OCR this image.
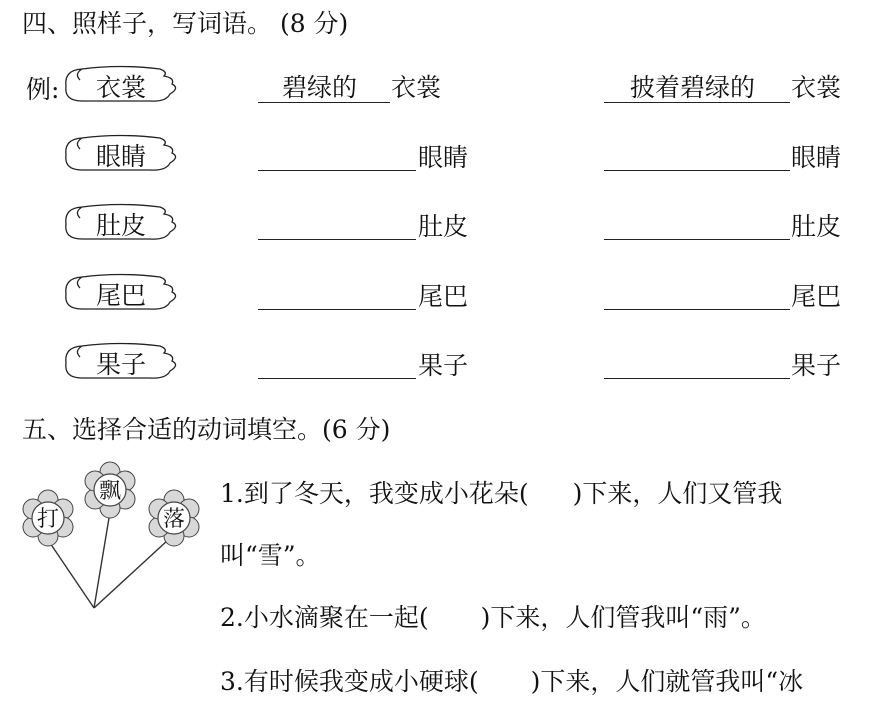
四、照样子，写词语。 (8 分)
例: 衣裳	碧绿的 衣裳	披着碧绿的 衣裳
眼睛	眼睛	眼睛
肚皮	肚皮	肚皮
尾巴	尾巴	尾巴
果子	果子	果子
五、选择合适的动词填空。(6 分)
打
飘
落
1.到了冬天，我变成小花朵( )下来，人们又管我
叫“雪”。
2.小水滴聚在一起( )下来，人们管我叫“雨”。
3.有时候我变成小硬球( )下来，人们就管我叫“冰
